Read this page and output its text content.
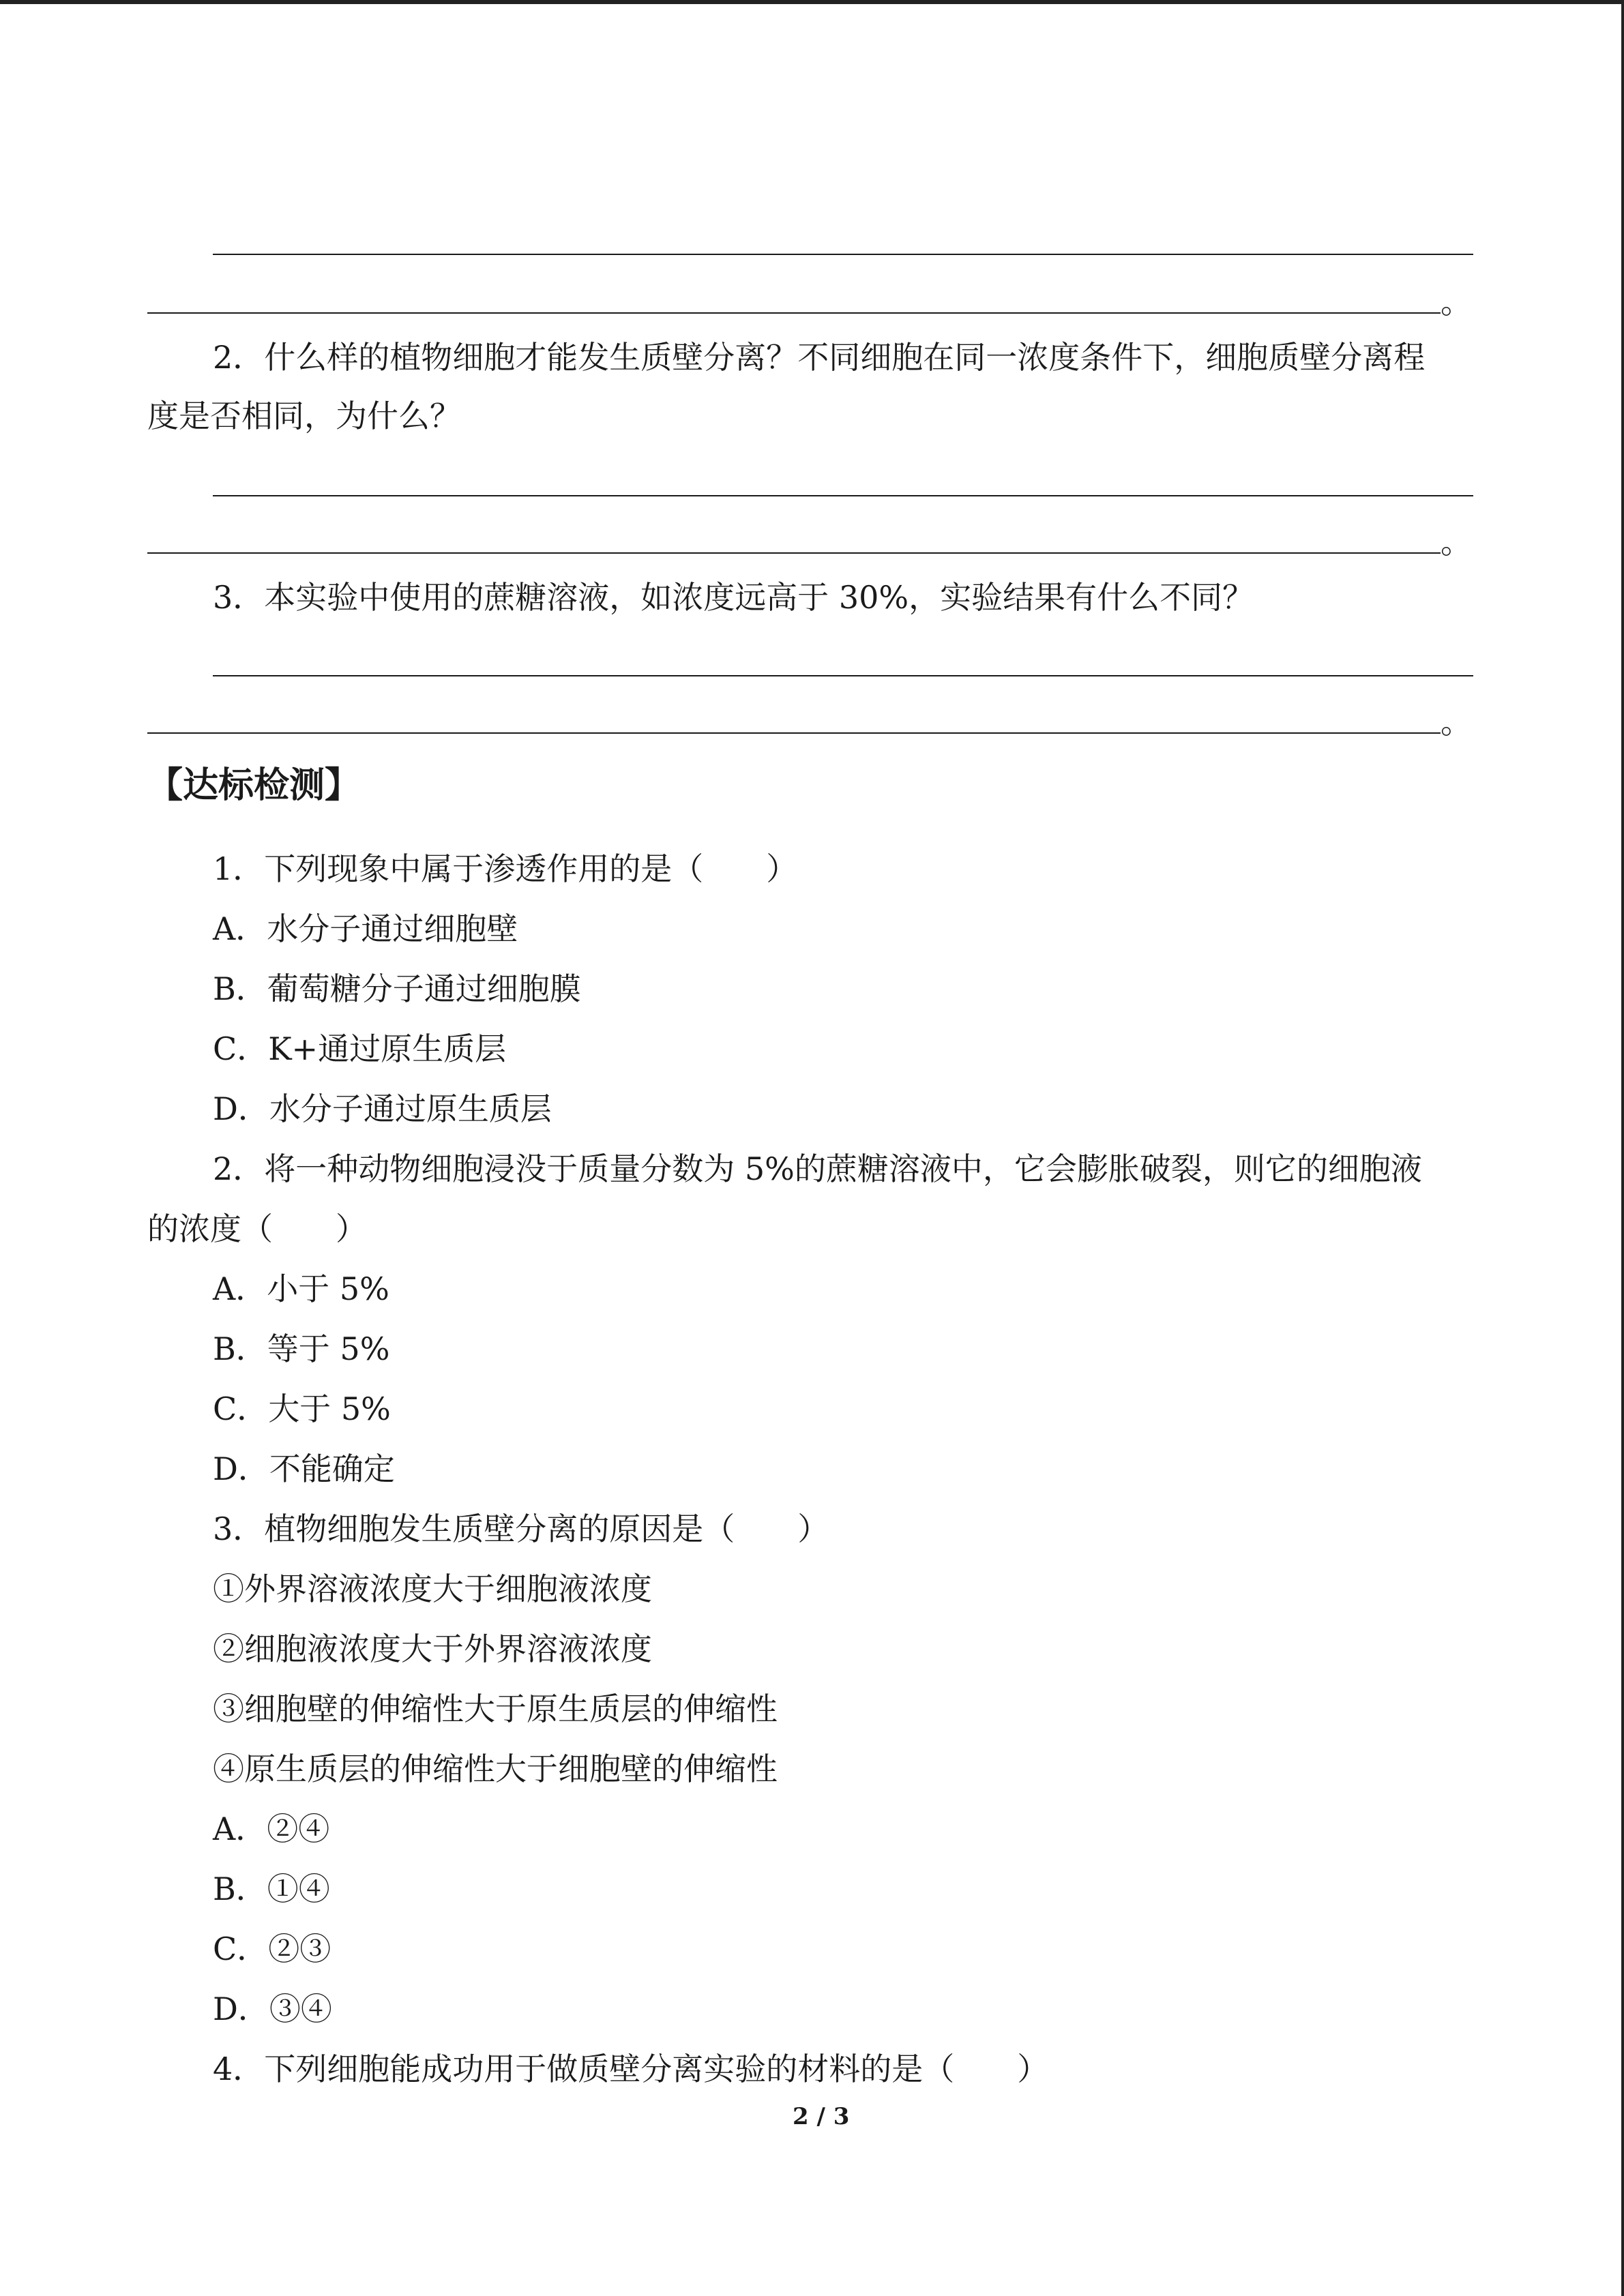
。
2．什么样的植物细胞才能发生质壁分离？不同细胞在同一浓度条件下，细胞质壁分离程
度是否相同，为什么？
。
3．本实验中使用的蔗糖溶液，如浓度远高于 30%，实验结果有什么不同？
。
【达标检测】
1．下列现象中属于渗透作用的是（　　）
A．水分子通过细胞壁
B．葡萄糖分子通过细胞膜
C．K+通过原生质层
D．水分子通过原生质层
2．将一种动物细胞浸没于质量分数为 5%的蔗糖溶液中，它会膨胀破裂，则它的细胞液
的浓度（　　）
A．小于 5%
B．等于 5%
C．大于 5%
D．不能确定
3．植物细胞发生质壁分离的原因是（　　）
①外界溶液浓度大于细胞液浓度
②细胞液浓度大于外界溶液浓度
③细胞壁的伸缩性大于原生质层的伸缩性
④原生质层的伸缩性大于细胞壁的伸缩性
A．②④
B．①④
C．②③
D．③④
4．下列细胞能成功用于做质壁分离实验的材料的是（　　）
2 / 3
